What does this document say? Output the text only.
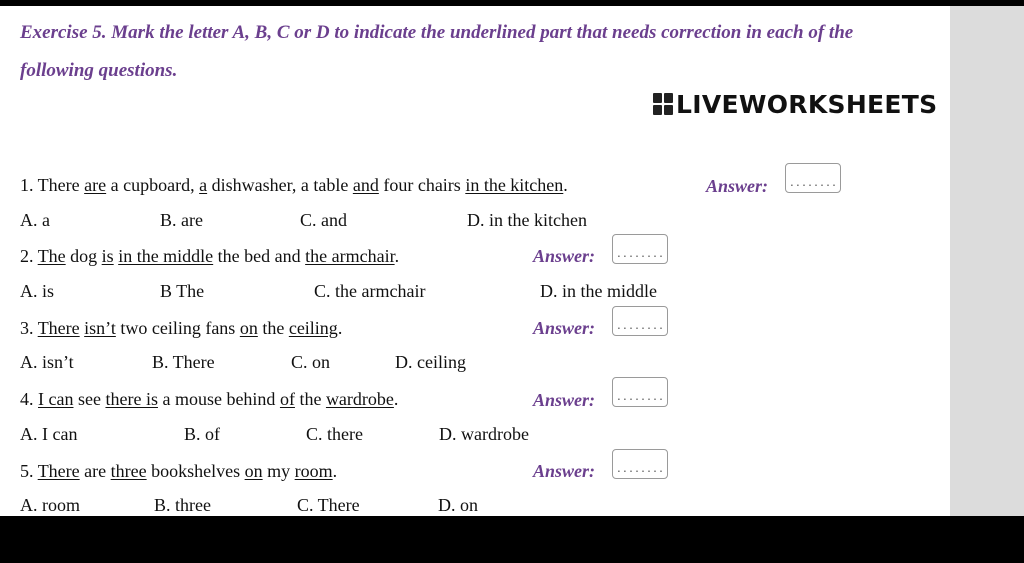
Exercise 5. Mark the letter A, B, C or D to indicate the underlined part that needs correction in each of the following questions.
LIVEWORKSHEETS
1. There are a cupboard, a dishwasher, a table and four chairs in the kitchen.	Answer:	........
A. a	B. are	C. and	D. in the kitchen
2. The dog is in the middle the bed and the armchair.	Answer:	........
A. is	B The	C. the armchair	D. in the middle
3. There isn’t two ceiling fans on the ceiling.	Answer:	........
A. isn’t	B. There	C. on	D. ceiling
4. I can see there is a mouse behind of the wardrobe.	Answer:	........
A. I can	B. of	C. there	D. wardrobe
5. There are three bookshelves on my room.	Answer:	........
A. room	B. three	C. There	D. on
